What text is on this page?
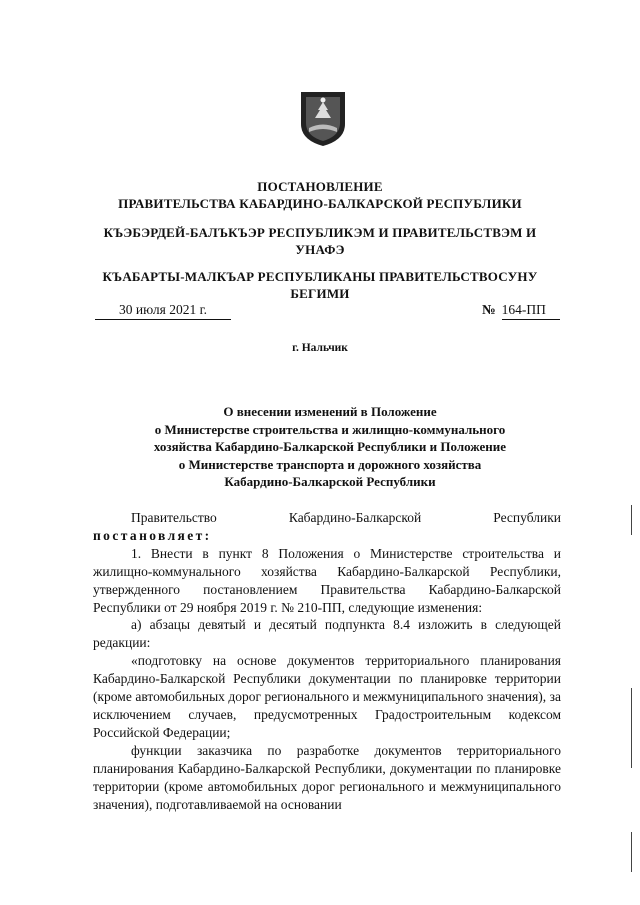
ПОСТАНОВЛЕНИЕ
ПРАВИТЕЛЬСТВА КАБАРДИНО-БАЛКАРСКОЙ РЕСПУБЛИКИ
КЪЭБЭРДЕЙ-БАЛЪКЪЭР РЕСПУБЛИКЭМ И ПРАВИТЕЛЬСТВЭМ И
УНАФЭ
КЪАБАРТЫ-МАЛКЪАР РЕСПУБЛИКАНЫ ПРАВИТЕЛЬСТВОСУНУ
БЕГИМИ
30 июля 2021 г.	№ 164-ПП
г. Нальчик
О внесении изменений в Положение
о Министерстве строительства и жилищно-коммунального
хозяйства Кабардино-Балкарской Республики и Положение
о Министерстве транспорта и дорожного хозяйства
Кабардино-Балкарской Республики

Правительство Кабардино-Балкарской Республики

постановляет:

1. Внести в пункт 8 Положения о Министерстве строительства и жилищно-коммунального хозяйства Кабардино-Балкарской Республики, утвержденного постановлением Правительства Кабардино-Балкарской Республики от 29 ноября 2019 г. № 210-ПП, следующие изменения:

а) абзацы девятый и десятый подпункта 8.4 изложить в следующей редакции:

«подготовку на основе документов территориального планирования Кабардино-Балкарской Республики документации по планировке территории (кроме автомобильных дорог регионального и межмуниципального значения), за исключением случаев, предусмотренных Градостроительным кодексом Российской Федерации;

функции заказчика по разработке документов территориального планирования Кабардино-Балкарской Республики, документации по планировке территории (кроме автомобильных дорог регионального и межмуниципального значения), подготавливаемой на основании
